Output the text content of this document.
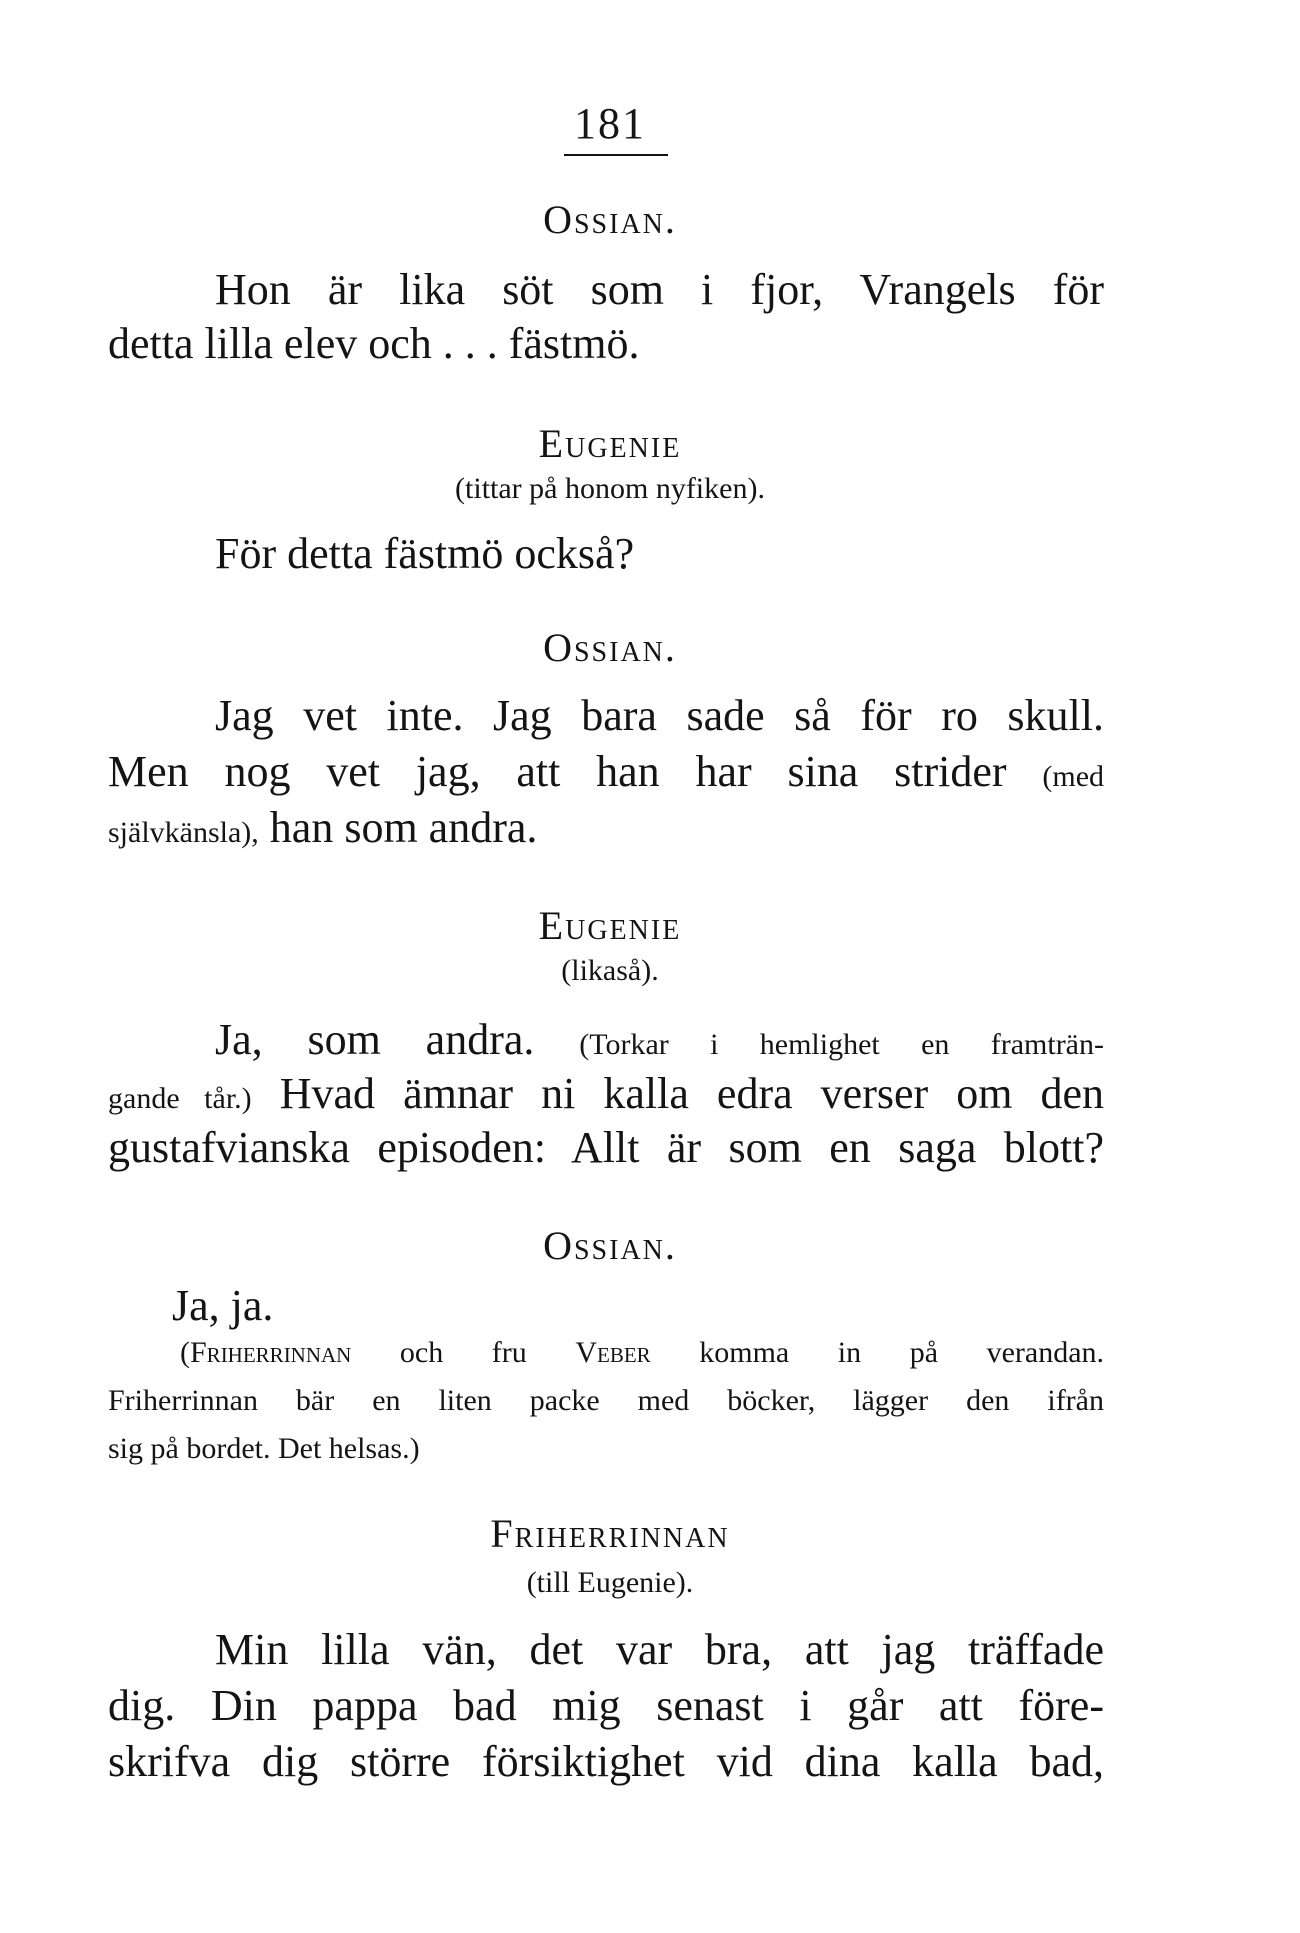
181
Ossian.
Hon är lika söt som i fjor, Vrangels för
detta lilla elev och . . . fästmö.
Eugenie
(tittar på honom nyfiken).
För detta fästmö också?
Ossian.
Jag vet inte. Jag bara sade så för ro skull.
Men nog vet jag, att han har sina strider (med
självkänsla), han som andra.
Eugenie
(likaså).
Ja, som andra. (Torkar i hemlighet en framträn-
gande tår.) Hvad ämnar ni kalla edra verser om den
gustafvianska episoden: Allt är som en saga blott?
Ossian.
Ja, ja.
(Friherrinnan och fru Veber komma in på verandan.
Friherrinnan bär en liten packe med böcker, lägger den ifrån
sig på bordet. Det helsas.)
Friherrinnan
(till Eugenie).
Min lilla vän, det var bra, att jag träffade
dig. Din pappa bad mig senast i går att före-
skrifva dig större försiktighet vid dina kalla bad,
